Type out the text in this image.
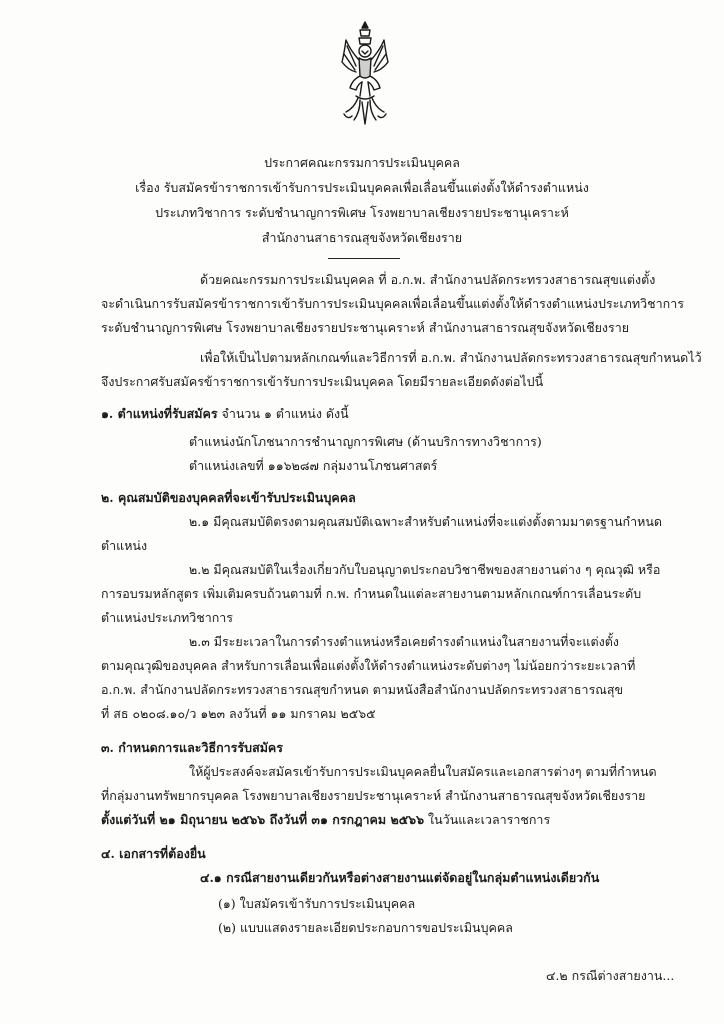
ประกาศคณะกรรมการประเมินบุคคล
เรื่อง รับสมัครข้าราชการเข้ารับการประเมินบุคคลเพื่อเลื่อนขึ้นแต่งตั้งให้ดำรงตำแหน่ง
ประเภทวิชาการ ระดับชำนาญการพิเศษ โรงพยาบาลเชียงรายประชานุเคราะห์
สำนักงานสาธารณสุขจังหวัดเชียงราย
ด้วยคณะกรรมการประเมินบุคคล ที่ อ.ก.พ. สำนักงานปลัดกระทรวงสาธารณสุขแต่งตั้ง
จะดำเนินการรับสมัครข้าราชการเข้ารับการประเมินบุคคลเพื่อเลื่อนขึ้นแต่งตั้งให้ดำรงตำแหน่งประเภทวิชาการ
ระดับชำนาญการพิเศษ โรงพยาบาลเชียงรายประชานุเคราะห์ สำนักงานสาธารณสุขจังหวัดเชียงราย
เพื่อให้เป็นไปตามหลักเกณฑ์และวิธีการที่ อ.ก.พ. สำนักงานปลัดกระทรวงสาธารณสุขกำหนดไว้
จึงประกาศรับสมัครข้าราชการเข้ารับการประเมินบุคคล โดยมีรายละเอียดดังต่อไปนี้
๑. ตำแหน่งที่รับสมัคร จำนวน ๑ ตำแหน่ง ดังนี้
ตำแหน่งนักโภชนาการชำนาญการพิเศษ (ด้านบริการทางวิชาการ)
ตำแหน่งเลขที่ ๑๑๖๒๘๗ กลุ่มงานโภชนศาสตร์
๒. คุณสมบัติของบุคคลที่จะเข้ารับประเมินบุคคล
๒.๑ มีคุณสมบัติตรงตามคุณสมบัติเฉพาะสำหรับตำแหน่งที่จะแต่งตั้งตามมาตรฐานกำหนด
ตำแหน่ง
๒.๒ มีคุณสมบัติในเรื่องเกี่ยวกับใบอนุญาตประกอบวิชาชีพของสายงานต่าง ๆ คุณวุฒิ หรือ
การอบรมหลักสูตร เพิ่มเติมครบถ้วนตามที่ ก.พ. กำหนดในแต่ละสายงานตามหลักเกณฑ์การเลื่อนระดับ
ตำแหน่งประเภทวิชาการ
๒.๓ มีระยะเวลาในการดำรงตำแหน่งหรือเคยดำรงตำแหน่งในสายงานที่จะแต่งตั้ง
ตามคุณวุฒิของบุคคล สำหรับการเลื่อนเพื่อแต่งตั้งให้ดำรงตำแหน่งระดับต่างๆ ไม่น้อยกว่าระยะเวลาที่
อ.ก.พ. สำนักงานปลัดกระทรวงสาธารณสุขกำหนด ตามหนังสือสำนักงานปลัดกระทรวงสาธารณสุข
ที่ สธ ๐๒๐๘.๑๐/ว ๑๒๓ ลงวันที่ ๑๑ มกราคม ๒๕๖๕
๓. กำหนดการและวิธีการรับสมัคร
ให้ผู้ประสงค์จะสมัครเข้ารับการประเมินบุคคลยื่นใบสมัครและเอกสารต่างๆ ตามที่กำหนด
ที่กลุ่มงานทรัพยากรบุคคล โรงพยาบาลเชียงรายประชานุเคราะห์ สำนักงานสาธารณสุขจังหวัดเชียงราย
ตั้งแต่วันที่ ๒๑ มิถุนายน ๒๕๖๖ ถึงวันที่ ๓๑ กรกฎาคม ๒๕๖๖ ในวันและเวลาราชการ
๔. เอกสารที่ต้องยื่น
๔.๑ กรณีสายงานเดียวกันหรือต่างสายงานแต่จัดอยู่ในกลุ่มตำแหน่งเดียวกัน
(๑) ใบสมัครเข้ารับการประเมินบุคคล
(๒) แบบแสดงรายละเอียดประกอบการขอประเมินบุคคล
๔.๒ กรณีต่างสายงาน...
